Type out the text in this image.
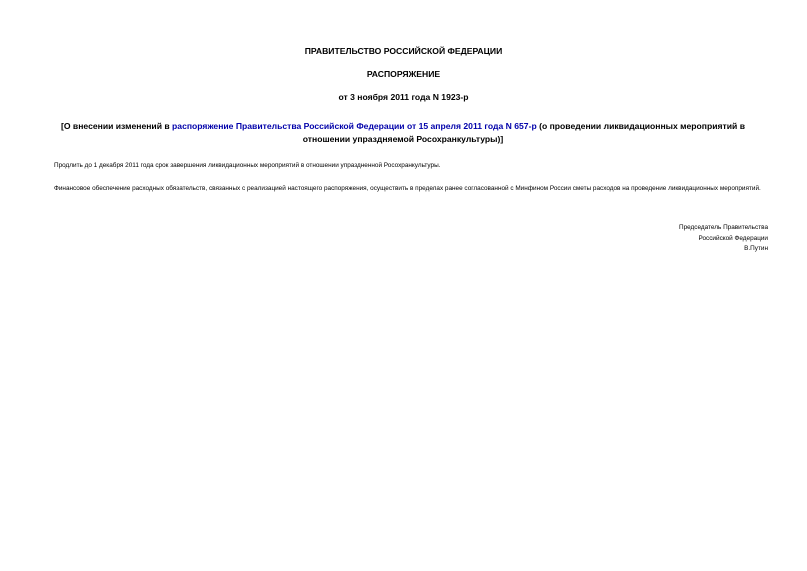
ПРАВИТЕЛЬСТВО РОССИЙСКОЙ ФЕДЕРАЦИИ
РАСПОРЯЖЕНИЕ
от 3 ноября 2011 года N 1923-р
[О внесении изменений в распоряжение Правительства Российской Федерации от 15 апреля 2011 года N 657-р (о проведении ликвидационных мероприятий в отношении упраздняемой Росохранкультуры)]
Продлить до 1 декабря 2011 года срок завершения ликвидационных мероприятий в отношении упраздненной Росохранкультуры.
Финансовое обеспечение расходных обязательств, связанных с реализацией настоящего распоряжения, осуществить в пределах ранее согласованной с Минфином России сметы расходов на проведение ликвидационных мероприятий.
Председатель Правительства
Российской Федерации
В.Путин
